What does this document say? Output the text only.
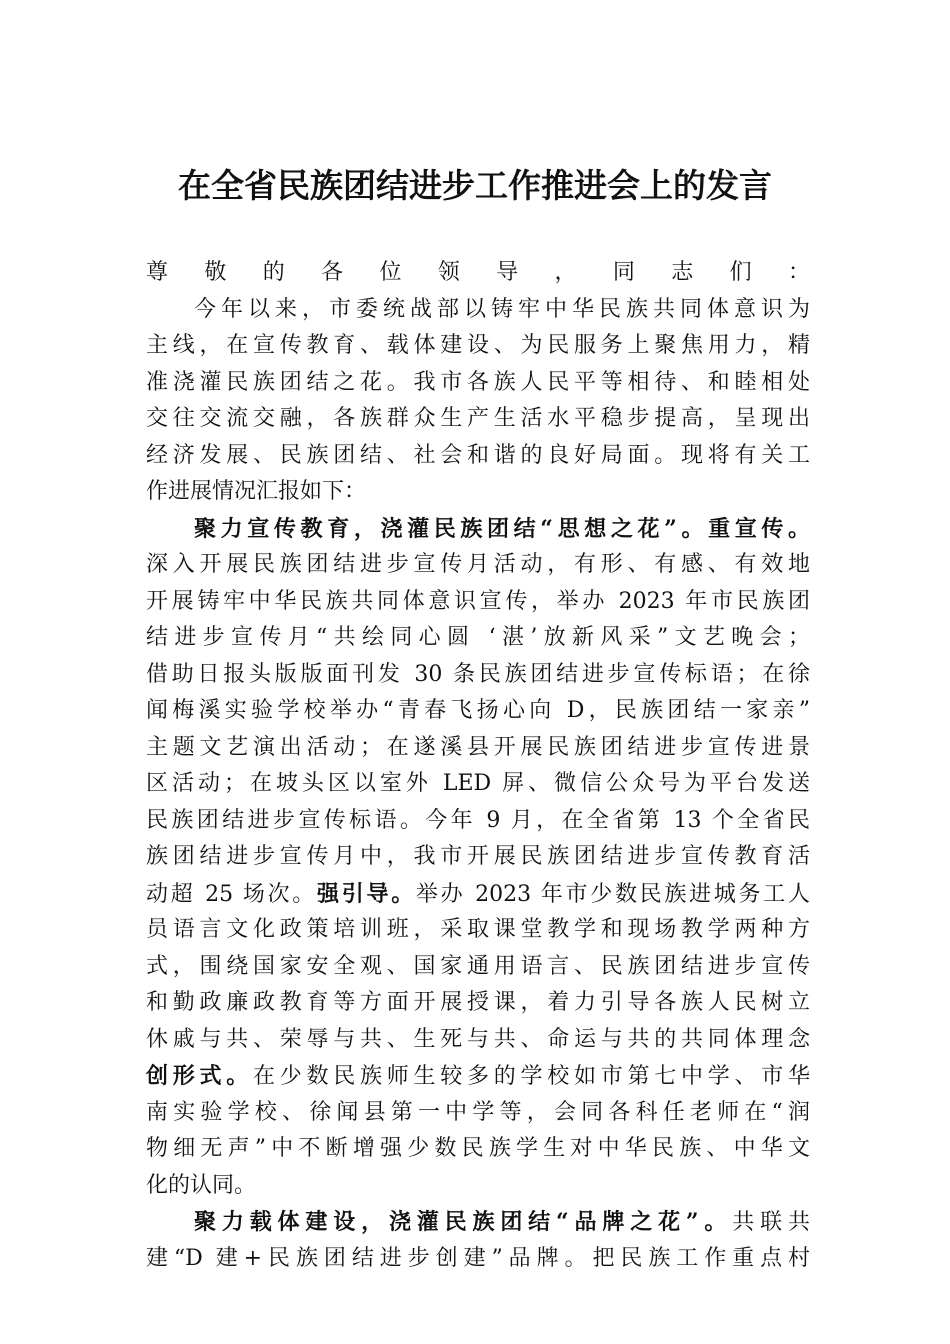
在全省民族团结进步工作推进会上的发言
尊敬的各位领导，同志们：
今年以来，市委统战部以铸牢中华民族共同体意识为
主线，在宣传教育、载体建设、为民服务上聚焦用力，精
准浇灌民族团结之花。我市各族人民平等相待、和睦相处
交往交流交融，各族群众生产生活水平稳步提高，呈现出
经济发展、民族团结、社会和谐的良好局面。现将有关工
作进展情况汇报如下：
聚力宣传教育，浇灌民族团结“思想之花”。重宣传。
深入开展民族团结进步宣传月活动，有形、有感、有效地
开展铸牢中华民族共同体意识宣传，举办 2023 年市民族团
结进步宣传月“共绘同心圆 ‘湛’放新风采”文艺晚会；
借助日报头版版面刊发 30 条民族团结进步宣传标语；在徐
闻梅溪实验学校举办“青春飞扬心向 D，民族团结一家亲”
主题文艺演出活动；在遂溪县开展民族团结进步宣传进景
区活动；在坡头区以室外 LED 屏、微信公众号为平台发送
民族团结进步宣传标语。今年 9 月，在全省第 13 个全省民
族团结进步宣传月中，我市开展民族团结进步宣传教育活
动超 25 场次。强引导。举办 2023 年市少数民族进城务工人
员语言文化政策培训班，采取课堂教学和现场教学两种方
式，围绕国家安全观、国家通用语言、民族团结进步宣传
和勤政廉政教育等方面开展授课，着力引导各族人民树立
休戚与共、荣辱与共、生死与共、命运与共的共同体理念
创形式。在少数民族师生较多的学校如市第七中学、市华
南实验学校、徐闻县第一中学等，会同各科任老师在“润
物细无声”中不断增强少数民族学生对中华民族、中华文
化的认同。
聚力载体建设，浇灌民族团结“品牌之花”。共联共
建“D 建+民族团结进步创建”品牌。把民族工作重点村
